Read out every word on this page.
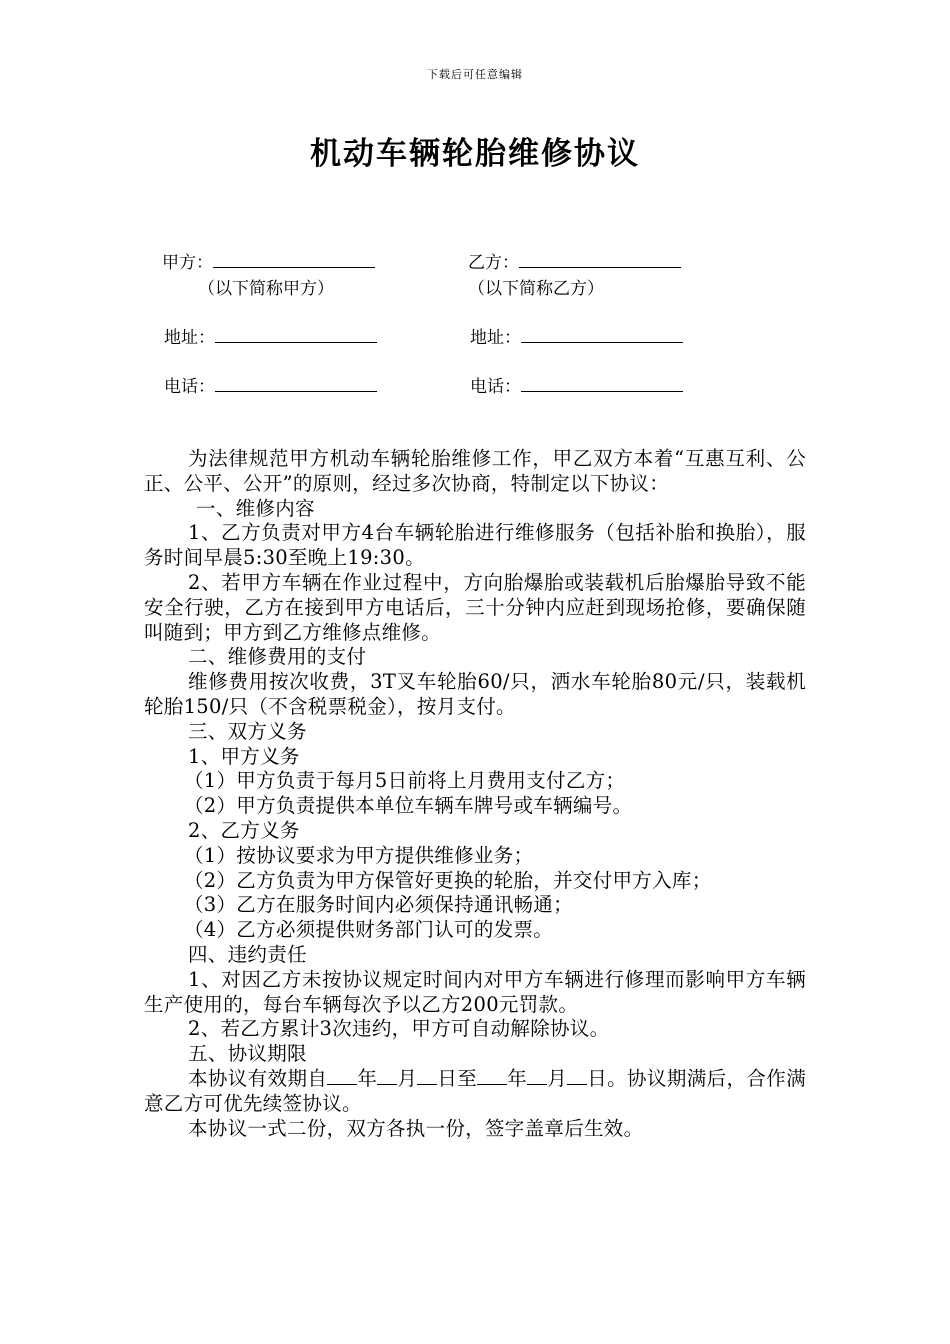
下载后可任意编辑
机动车辆轮胎维修协议
甲方：
（以下简称甲方）
地址：
电话：
乙方：
（以下简称乙方）
地址：
电话：

为法律规范甲方机动车辆轮胎维修工作，甲乙双方本着“互惠互利、公正、公平、公开”的原则，经过多次协商，特制定以下协议：

一、维修内容

1、乙方负责对甲方4台车辆轮胎进行维修服务（包括补胎和换胎），服务时间早晨5:30至晚上19:30。

2、若甲方车辆在作业过程中，方向胎爆胎或装载机后胎爆胎导致不能安全行驶，乙方在接到甲方电话后，三十分钟内应赶到现场抢修，要确保随叫随到；甲方到乙方维修点维修。

二、维修费用的支付

维修费用按次收费，3T叉车轮胎60/只，洒水车轮胎80元/只，装载机轮胎150/只（不含税票税金），按月支付。

三、双方义务

1、甲方义务

（1）甲方负责于每月5日前将上月费用支付乙方；

（2）甲方负责提供本单位车辆车牌号或车辆编号。

2、乙方义务

（1）按协议要求为甲方提供维修业务；

（2）乙方负责为甲方保管好更换的轮胎，并交付甲方入库；

（3）乙方在服务时间内必须保持通讯畅通；

（4）乙方必须提供财务部门认可的发票。

四、违约责任

1、对因乙方未按协议规定时间内对甲方车辆进行修理而影响甲方车辆生产使用的，每台车辆每次予以乙方200元罚款。

2、若乙方累计3次违约，甲方可自动解除协议。

五、协议期限

本协议有效期自 年 月 日至 年 月 日。协议期满后，合作满意乙方可优先续签协议。

本协议一式二份，双方各执一份，签字盖章后生效。
